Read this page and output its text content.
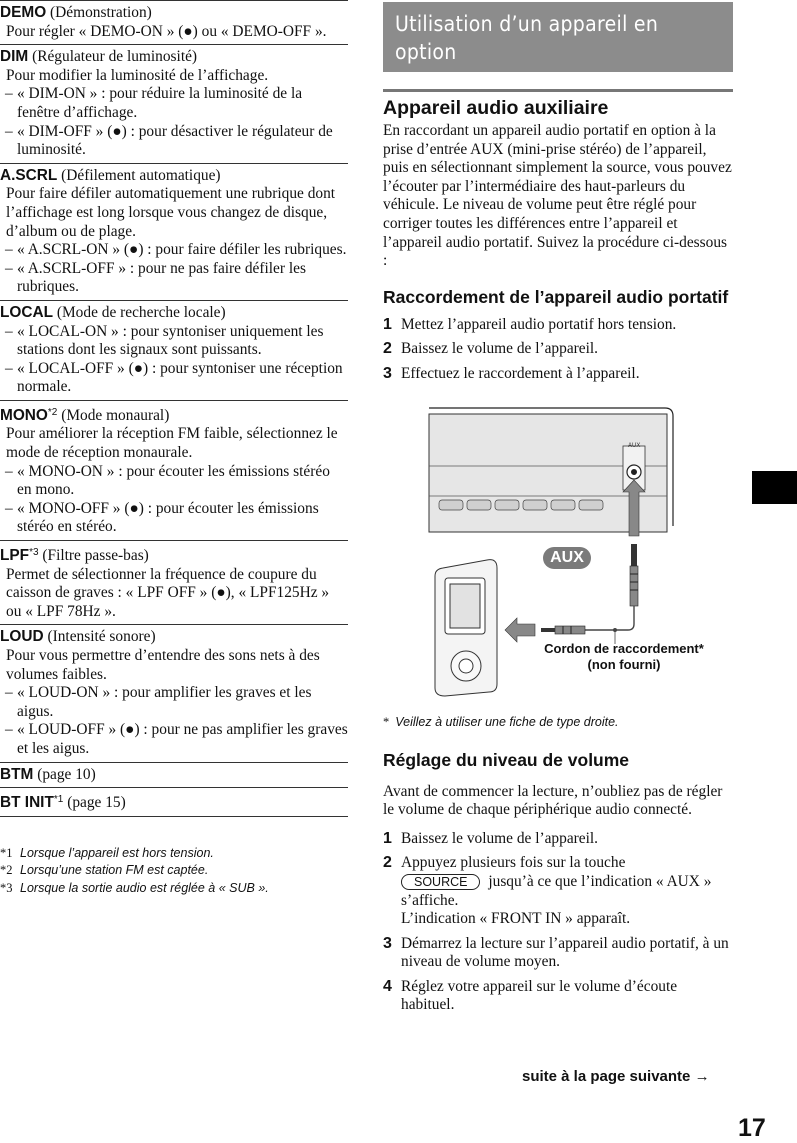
DEMO (Démonstration)
Pour régler « DEMO-ON » (●) ou « DEMO-OFF ».
DIM (Régulateur de luminosité)
Pour modifier la luminosité de l’affichage.
– « DIM-ON » : pour réduire la luminosité de la fenêtre d’affichage.
– « DIM-OFF » (●) : pour désactiver le régulateur de luminosité.
A.SCRL (Défilement automatique)
Pour faire défiler automatiquement une rubrique dont l’affichage est long lorsque vous changez de disque, d’album ou de plage.
– « A.SCRL-ON » (●) : pour faire défiler les rubriques.
– « A.SCRL-OFF » : pour ne pas faire défiler les rubriques.
LOCAL (Mode de recherche locale)
– « LOCAL-ON » : pour syntoniser uniquement les stations dont les signaux sont puissants.
– « LOCAL-OFF » (●) : pour syntoniser une réception normale.
MONO$^{*2}$ (Mode monaural)
Pour améliorer la réception FM faible, sélectionnez le mode de réception monaurale.
– « MONO-ON » : pour écouter les émissions stéréo en mono.
– « MONO-OFF » (●) : pour écouter les émissions stéréo en stéréo.
LPF$^{*3}$ (Filtre passe-bas)
Permet de sélectionner la fréquence de coupure du caisson de graves : « LPF OFF » (●), « LPF125Hz » ou « LPF 78Hz ».
LOUD (Intensité sonore)
Pour vous permettre d’entendre des sons nets à des volumes faibles.
– « LOUD-ON » : pour amplifier les graves et les aigus.
– « LOUD-OFF » (●) : pour ne pas amplifier les graves et les aigus.
BTM (page 10)
BT INIT$^{*1}$ (page 15)
*1 Lorsque l’appareil est hors tension.
*2 Lorsqu’une station FM est captée.
*3 Lorsque la sortie audio est réglée à « SUB ».
Utilisation d’un appareil en option
Appareil audio auxiliaire

En raccordant un appareil audio portatif en option à la prise d’entrée AUX (mini-prise stéréo) de l’appareil, puis en sélectionnant simplement la source, vous pouvez l’écouter par l’intermédiaire des haut-parleurs du véhicule. Le niveau de volume peut être réglé pour corriger toutes les différences entre l’appareil et l’appareil audio portatif. Suivez la procédure ci-dessous :

Raccordement de l’appareil audio portatif
1 Mettez l’appareil audio portatif hors tension.
2 Baissez le volume de l’appareil.
3 Effectuez le raccordement à l’appareil.
AUX
AUX
Cordon de raccordement*
(non fourni)
* Veillez à utiliser une fiche de type droite.
Réglage du niveau de volume

Avant de commencer la lecture, n’oubliez pas de régler le volume de chaque périphérique audio connecté.

1 Baissez le volume de l’appareil.
2 Appuyez plusieurs fois sur la touche
SOURCE jusqu’à ce que l’indication « AUX » s’affiche.
L’indication « FRONT IN » apparaît.
3 Démarrez la lecture sur l’appareil audio portatif, à un niveau de volume moyen.
4 Réglez votre appareil sur le volume d’écoute habituel.
suite à la page suivante →
17
